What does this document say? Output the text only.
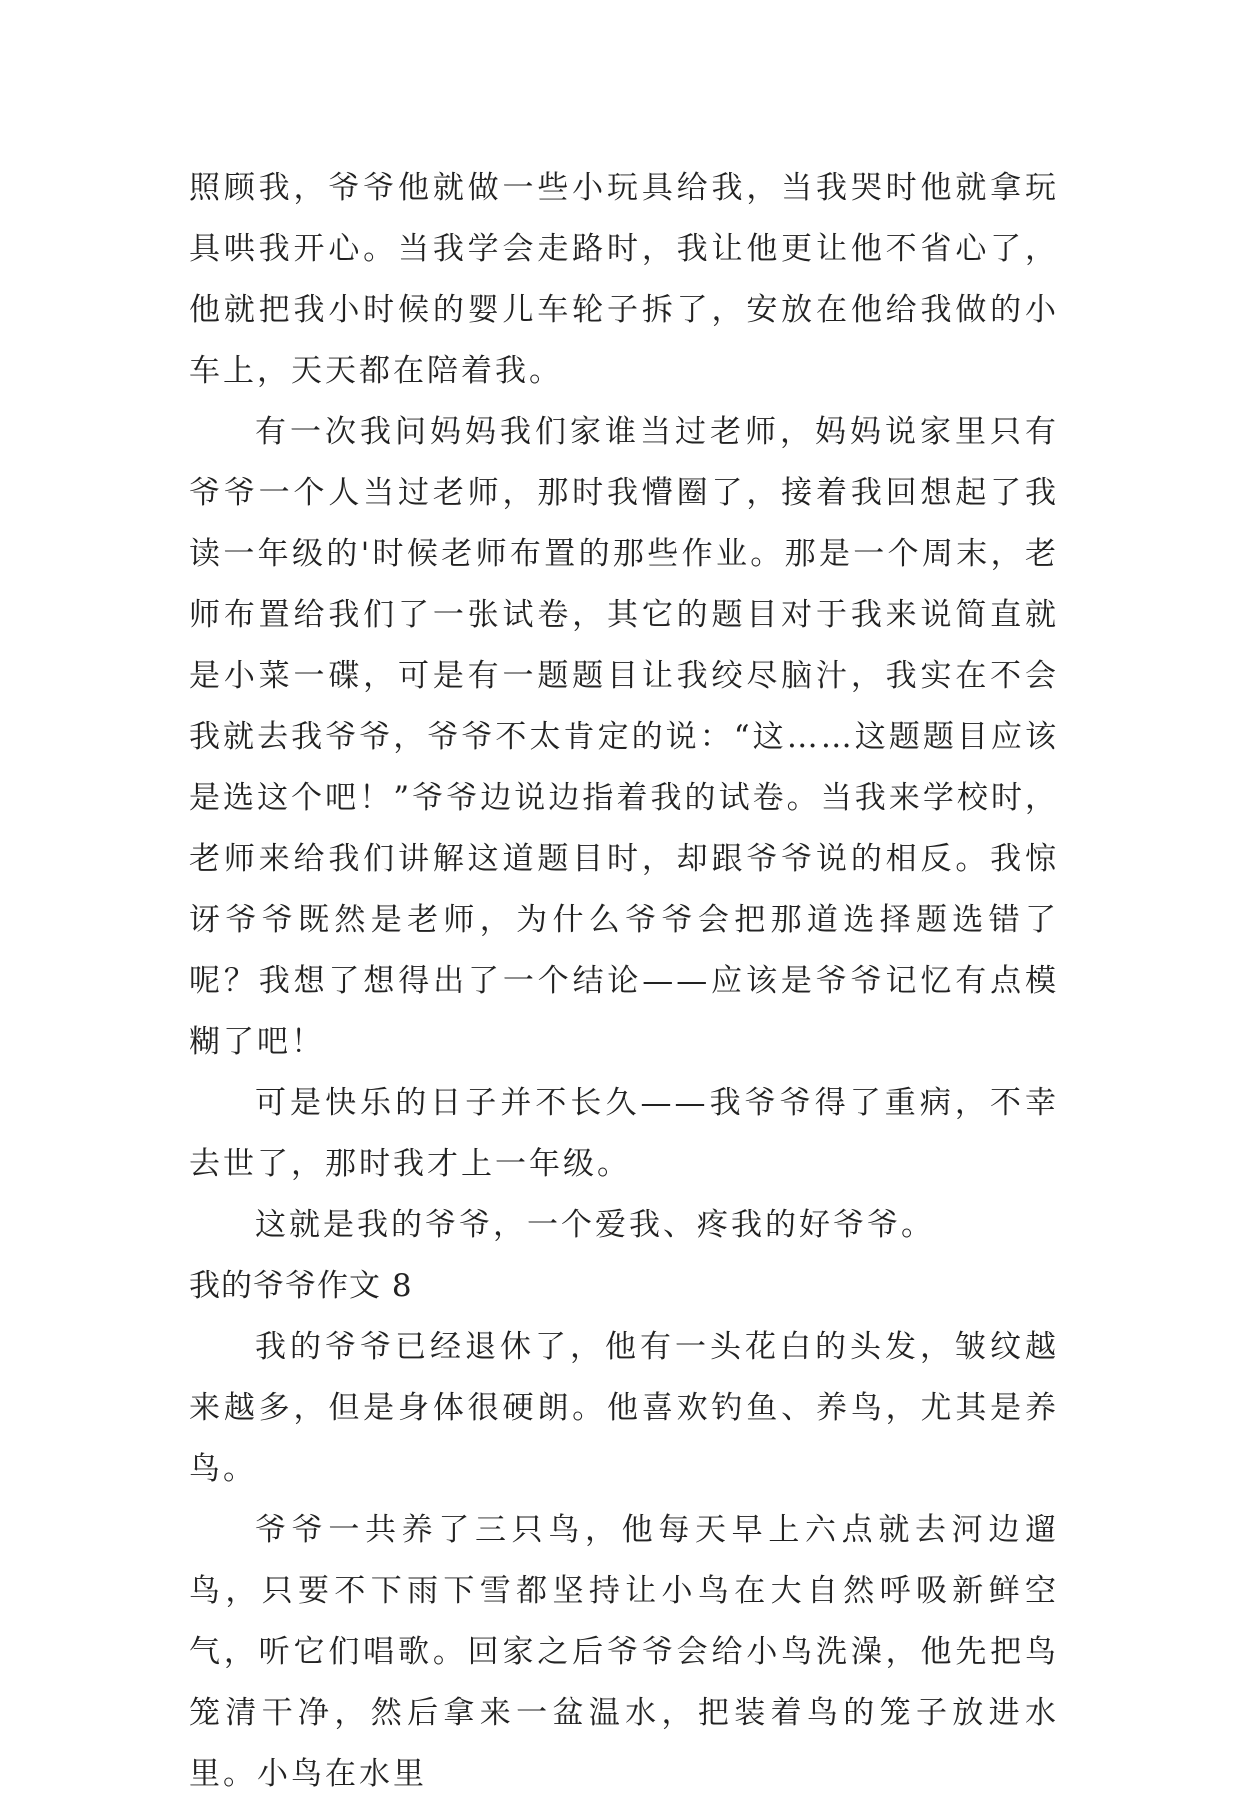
照顾我，爷爷他就做一些小玩具给我，当我哭时他就拿玩具哄我开心。当我学会走路时，我让他更让他不省心了，他就把我小时候的婴儿车轮子拆了，安放在他给我做的小车上，天天都在陪着我。

有一次我问妈妈我们家谁当过老师，妈妈说家里只有爷爷一个人当过老师，那时我懵圈了，接着我回想起了我读一年级的'时候老师布置的那些作业。那是一个周末，老师布置给我们了一张试卷，其它的题目对于我来说简直就是小菜一碟，可是有一题题目让我绞尽脑汁，我实在不会我就去我爷爷，爷爷不太肯定的说：“这……这题题目应该是选这个吧！”爷爷边说边指着我的试卷。当我来学校时，老师来给我们讲解这道题目时，却跟爷爷说的相反。我惊讶爷爷既然是老师，为什么爷爷会把那道选择题选错了呢？我想了想得出了一个结论——应该是爷爷记忆有点模糊了吧！

可是快乐的日子并不长久——我爷爷得了重病，不幸去世了，那时我才上一年级。

这就是我的爷爷，一个爱我、疼我的好爷爷。

我的爷爷作文 8

我的爷爷已经退休了，他有一头花白的头发，皱纹越来越多，但是身体很硬朗。他喜欢钓鱼、养鸟，尤其是养鸟。

爷爷一共养了三只鸟，他每天早上六点就去河边遛鸟，只要不下雨下雪都坚持让小鸟在大自然呼吸新鲜空气，听它们唱歌。回家之后爷爷会给小鸟洗澡，他先把鸟笼清干净，然后拿来一盆温水，把装着鸟的笼子放进水里。小鸟在水里
